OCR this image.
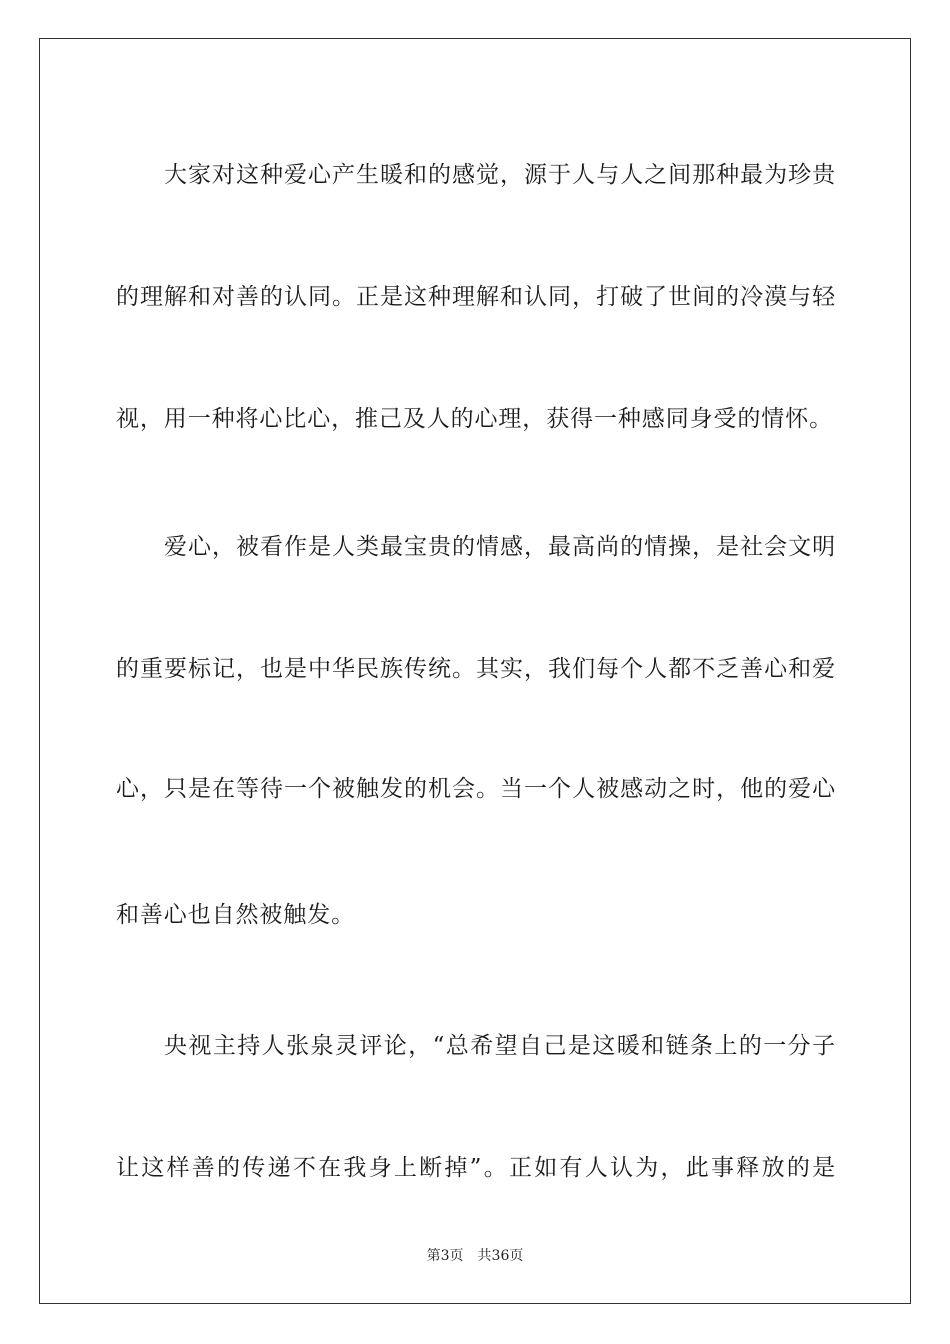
大家对这种爱心产生暖和的感觉，源于人与人之间那种最为珍贵

的理解和对善的认同。正是这种理解和认同，打破了世间的冷漠与轻

视，用一种将心比心，推己及人的心理，获得一种感同身受的情怀。

爱心，被看作是人类最宝贵的情感，最高尚的情操，是社会文明

的重要标记，也是中华民族传统。其实，我们每个人都不乏善心和爱

心，只是在等待一个被触发的机会。当一个人被感动之时，他的爱心

和善心也自然被触发。

央视主持人张泉灵评论，“总希望自己是这暖和链条上的一分子

让这样善的传递不在我身上断掉”。正如有人认为，此事释放的是

第3页 共36页
